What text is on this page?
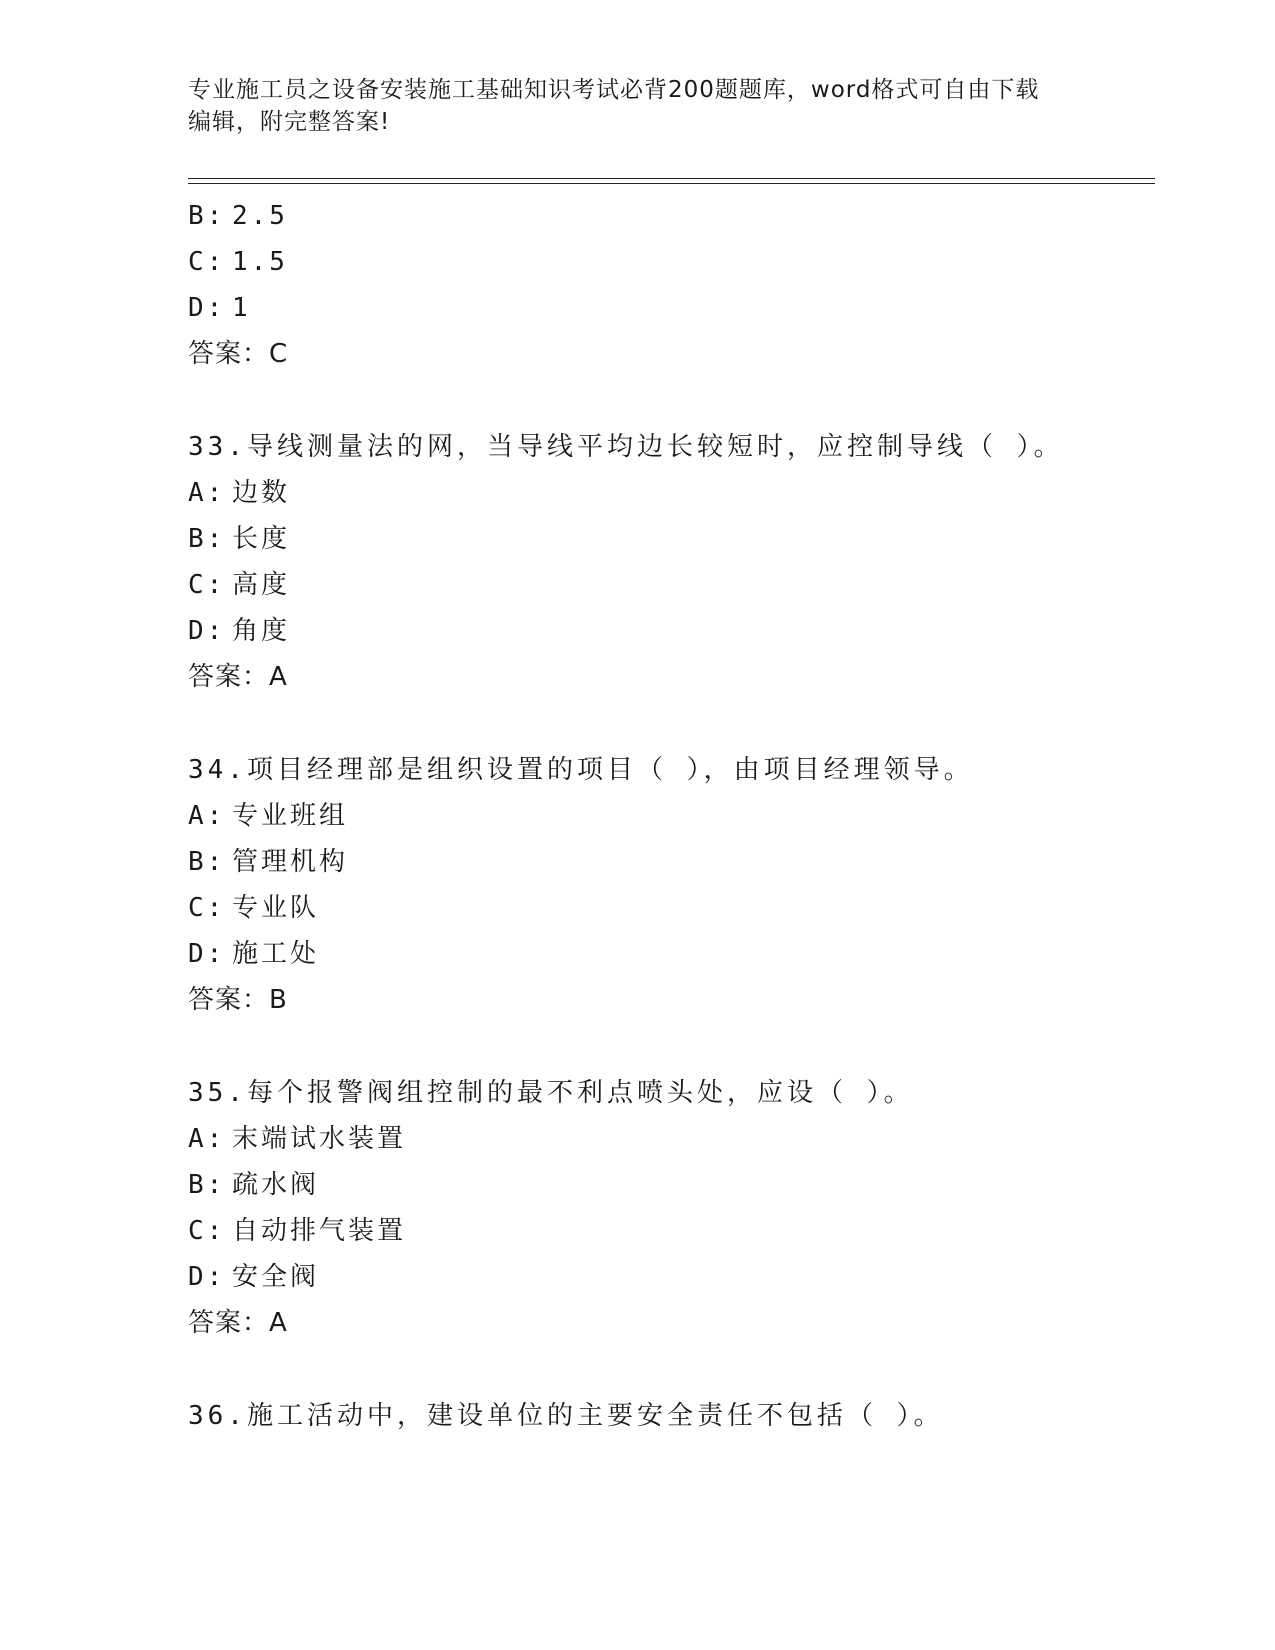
专业施工员之设备安装施工基础知识考试必背200题题库，word格式可自由下载
编辑，附完整答案!
B: 2.5
C: 1.5
D: 1
答案：C
33.导线测量法的网，当导线平均边长较短时，应控制导线（ ）。
A: 边数
B: 长度
C: 高度
D: 角度
答案：A
34.项目经理部是组织设置的项目（ ），由项目经理领导。
A: 专业班组
B: 管理机构
C: 专业队
D: 施工处
答案：B
35.每个报警阀组控制的最不利点喷头处，应设（ ）。
A: 末端试水装置
B: 疏水阀
C: 自动排气装置
D: 安全阀
答案：A
36.施工活动中，建设单位的主要安全责任不包括（ ）。
